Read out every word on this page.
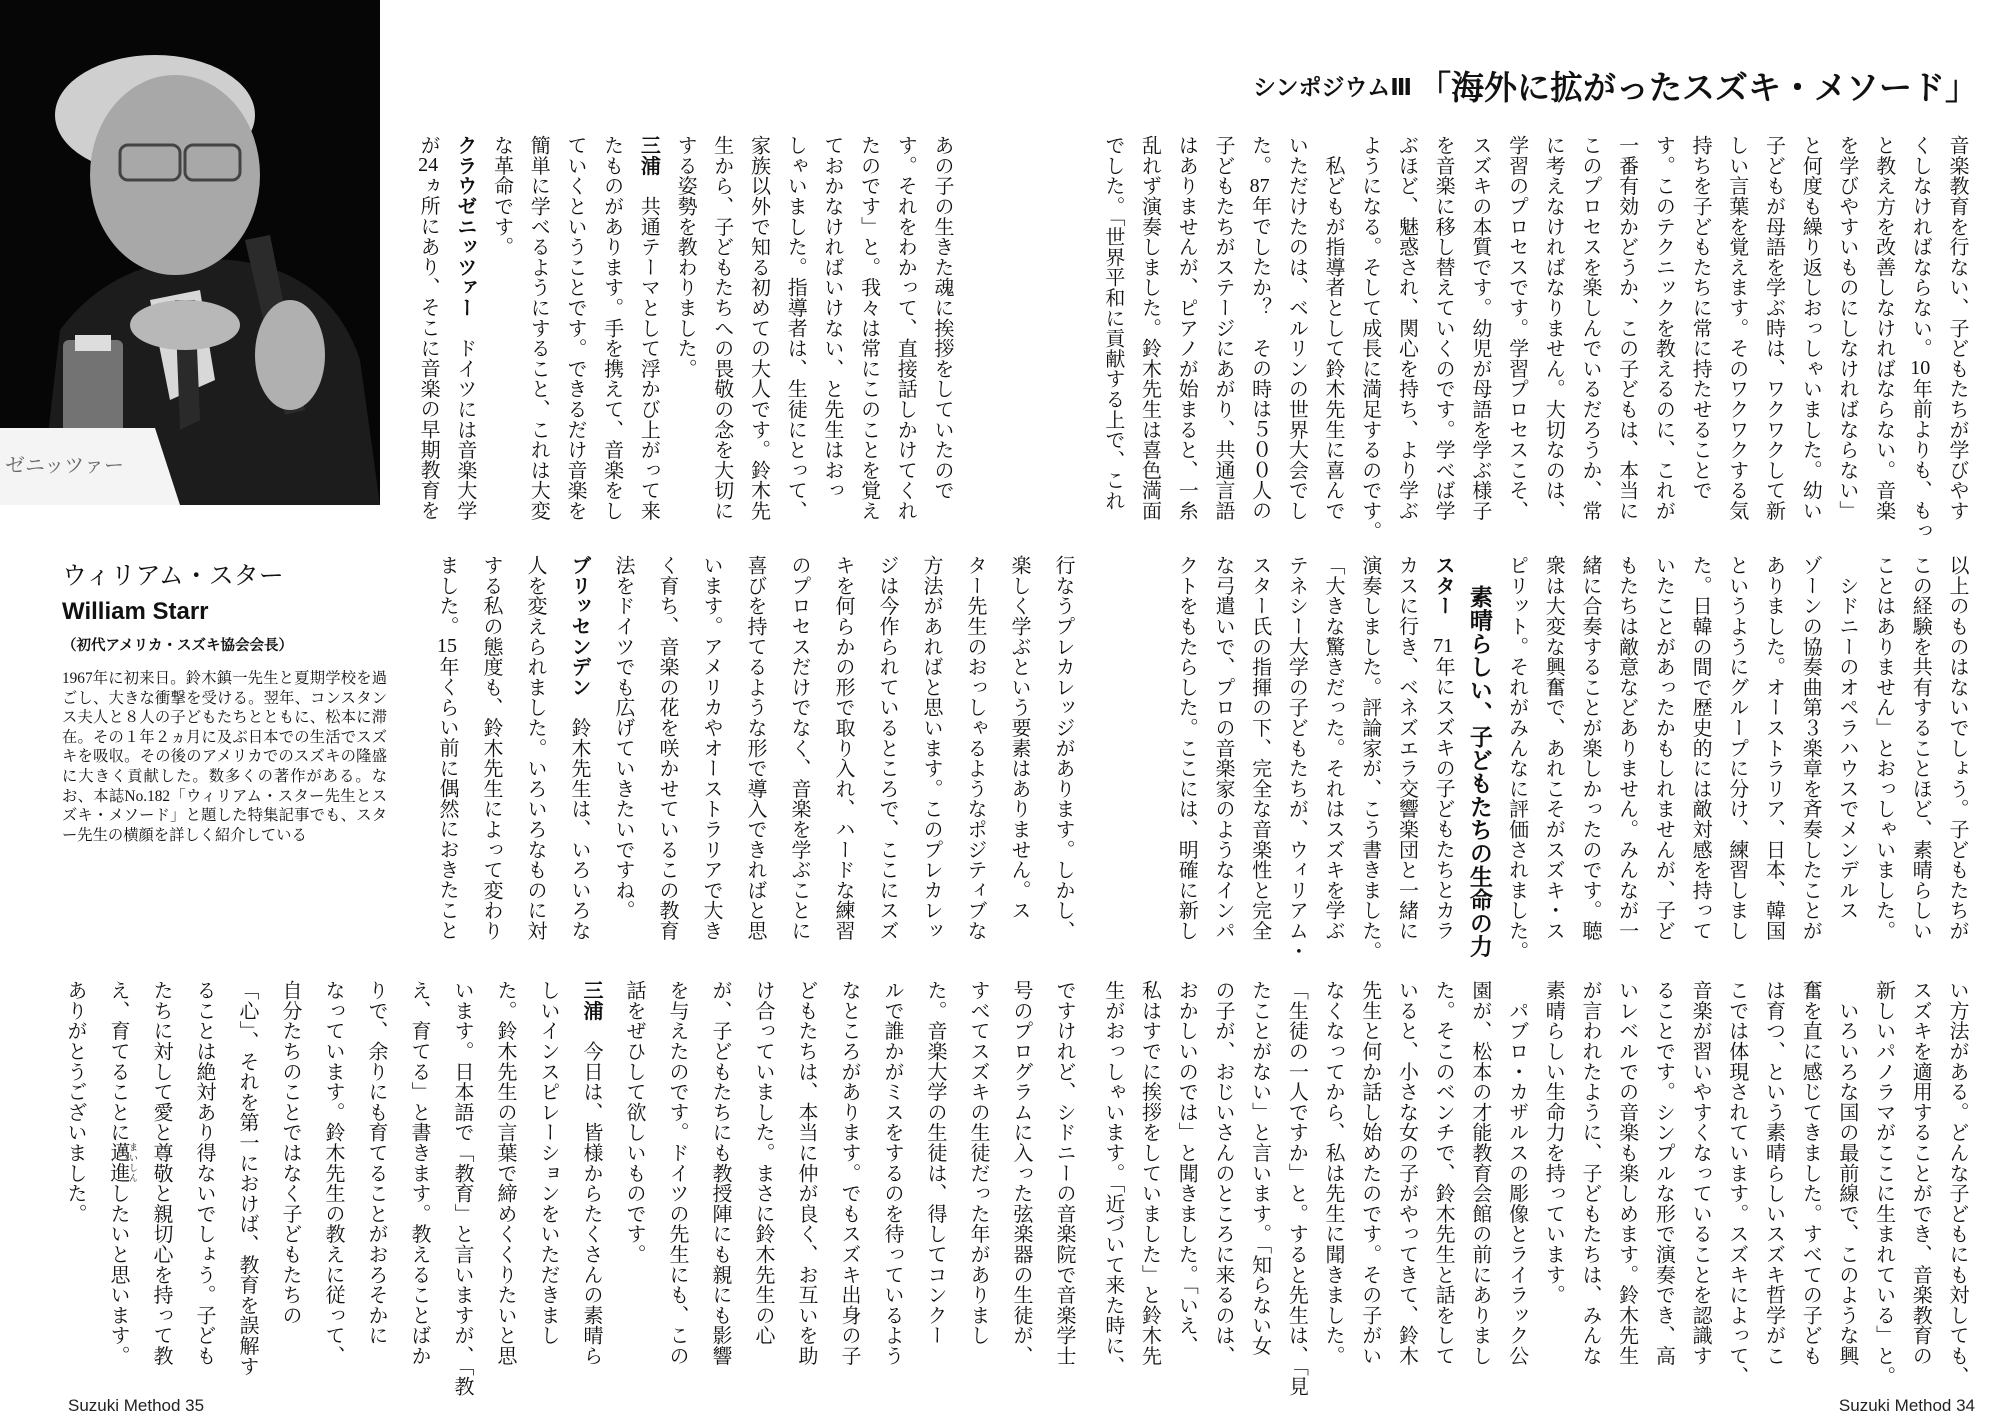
シンポジウムⅢ 「海外に拡がったスズキ・メソード」
ゼニッツァー

ウィリアム・スター

William Starr

（初代アメリカ・スズキ協会会長）

1967年に初来日。鈴木鎮一先生と夏期学校を過ごし、大きな衝撃を受ける。翌年、コンスタンス夫人と８人の子どもたちとともに、松本に滞在。その１年２ヵ月に及ぶ日本での生活でスズキを吸収。その後のアメリカでのスズキの隆盛に大きく貢献した。数多くの著作がある。なお、本誌No.182「ウィリアム・スター先生とスズキ・メソード」と題した特集記事でも、スター先生の横顔を詳しく紹介している

音楽教育を行ない、子どもたちが学びやす
くしなければならない。10年前よりも、もっ
と教え方を改善しなければならない。音楽
を学びやすいものにしなければならない」
と何度も繰り返しおっしゃいました。幼い
子どもが母語を学ぶ時は、ワクワクして新
しい言葉を覚えます。そのワクワクする気
持ちを子どもたちに常に持たせることで
す。このテクニックを教えるのに、これが
一番有効かどうか、この子どもは、本当に
このプロセスを楽しんでいるだろうか、常
に考えなければなりません。大切なのは、
学習のプロセスです。学習プロセスこそ、
スズキの本質です。幼児が母語を学ぶ様子
を音楽に移し替えていくのです。学べば学
ぶほど、魅惑され、関心を持ち、より学ぶ
ようになる。そして成長に満足するのです。
　私どもが指導者として鈴木先生に喜んで
いただけたのは、ベルリンの世界大会でし
た。87年でしたか？　その時は５００人の
子どもたちがステージにあがり、共通言語
はありませんが、ピアノが始まると、一糸
乱れず演奏しました。鈴木先生は喜色満面
でした。「世界平和に貢献する上で、これ
以上のものはないでしょう。子どもたちが
この経験を共有することほど、素晴らしい
ことはありません」とおっしゃいました。
　シドニーのオペラハウスでメンデルス
ゾーンの協奏曲第３楽章を斉奏したことが
ありました。オーストラリア、日本、韓国
というようにグループに分け、練習しまし
た。日韓の間で歴史的には敵対感を持って
いたことがあったかもしれませんが、子ど
もたちは敵意などありません。みんなが一
緒に合奏することが楽しかったのです。聴
衆は大変な興奮で、あれこそがスズキ・ス
ピリット。それがみんなに評価されました。
素晴らしい、子どもたちの生命の力
スター　71年にスズキの子どもたちとカラ
カスに行き、ベネズエラ交響楽団と一緒に
演奏しました。評論家が、こう書きました。
「大きな驚きだった。それはスズキを学ぶ
テネシー大学の子どもたちが、ウィリアム・
スター氏の指揮の下、完全な音楽性と完全
な弓遣いで、プロの音楽家のようなインパ
クトをもたらした。ここには、明確に新し
い方法がある。どんな子どもにも対しても、
スズキを適用することができ、音楽教育の
新しいパノラマがここに生まれている」と。
　いろいろな国の最前線で、このような興
奮を直に感じてきました。すべての子ども
は育つ、という素晴らしいスズキ哲学がこ
こでは体現されています。スズキによって、
音楽が習いやすくなっていることを認識す
ることです。シンプルな形で演奏でき、高
いレベルでの音楽も楽しめます。鈴木先生
が言われたように、子どもたちは、みんな
素晴らしい生命力を持っています。
　パブロ・カザルスの彫像とライラック公
園が、松本の才能教育会館の前にありまし
た。そこのベンチで、鈴木先生と話をして
いると、小さな女の子がやってきて、鈴木
先生と何か話し始めたのです。その子がい
なくなってから、私は先生に聞きました。
「生徒の一人ですか」と。すると先生は、「見
たことがない」と言います。「知らない女
の子が、おじいさんのところに来るのは、
おかしいのでは」と聞きました。「いえ、
私はすでに挨拶をしていました」と鈴木先
生がおっしゃいます。「近づいて来た時に、
あの子の生きた魂に挨拶をしていたので
す。それをわかって、直接話しかけてくれ
たのです」と。我々は常にこのことを覚え
ておかなければいけない、と先生はおっ
しゃいました。指導者は、生徒にとって、
家族以外で知る初めての大人です。鈴木先
生から、子どもたちへの畏敬の念を大切に
する姿勢を教わりました。
三浦　共通テーマとして浮かび上がって来
たものがあります。手を携えて、音楽をし
ていくということです。できるだけ音楽を
簡単に学べるようにすること、これは大変
な革命です。
クラウゼニッツァー　ドイツには音楽大学
が24ヵ所にあり、そこに音楽の早期教育を
行なうプレカレッジがあります。しかし、
楽しく学ぶという要素はありません。ス
ター先生のおっしゃるようなポジティブな
方法があればと思います。このプレカレッ
ジは今作られているところで、ここにスズ
キを何らかの形で取り入れ、ハードな練習
のプロセスだけでなく、音楽を学ぶことに
喜びを持てるような形で導入できればと思
います。アメリカやオーストラリアで大き
く育ち、音楽の花を咲かせているこの教育
法をドイツでも広げていきたいですね。
ブリッセンデン　鈴木先生は、いろいろな
人を変えられました。いろいろなものに対
する私の態度も、鈴木先生によって変わり
ました。15年くらい前に偶然におきたこと
ですけれど、シドニーの音楽院で音楽学士
号のプログラムに入った弦楽器の生徒が、
すべてスズキの生徒だった年がありまし
た。音楽大学の生徒は、得してコンクー
ルで誰かがミスをするのを待っているよう
なところがあります。でもスズキ出身の子
どもたちは、本当に仲が良く、お互いを助
け合っていました。まさに鈴木先生の心
が、子どもたちにも教授陣にも親にも影響
を与えたのです。ドイツの先生にも、この
話をぜひして欲しいものです。
三浦　今日は、皆様からたくさんの素晴ら
しいインスピレーションをいただきまし
た。鈴木先生の言葉で締めくくりたいと思
います。日本語で「教育」と言いますが、「教
え、育てる」と書きます。教えることばか
りで、余りにも育てることがおろそかに
なっています。鈴木先生の教えに従って、
自分たちのことではなく子どもたちの
「心」、それを第一におけば、教育を誤解す
ることは絶対あり得ないでしょう。子ども
たちに対して愛と尊敬と親切心を持って教
え、育てることに邁進 まいしんしたいと思います。
ありがとうございました。
Suzuki Method 35	Suzuki Method 34
